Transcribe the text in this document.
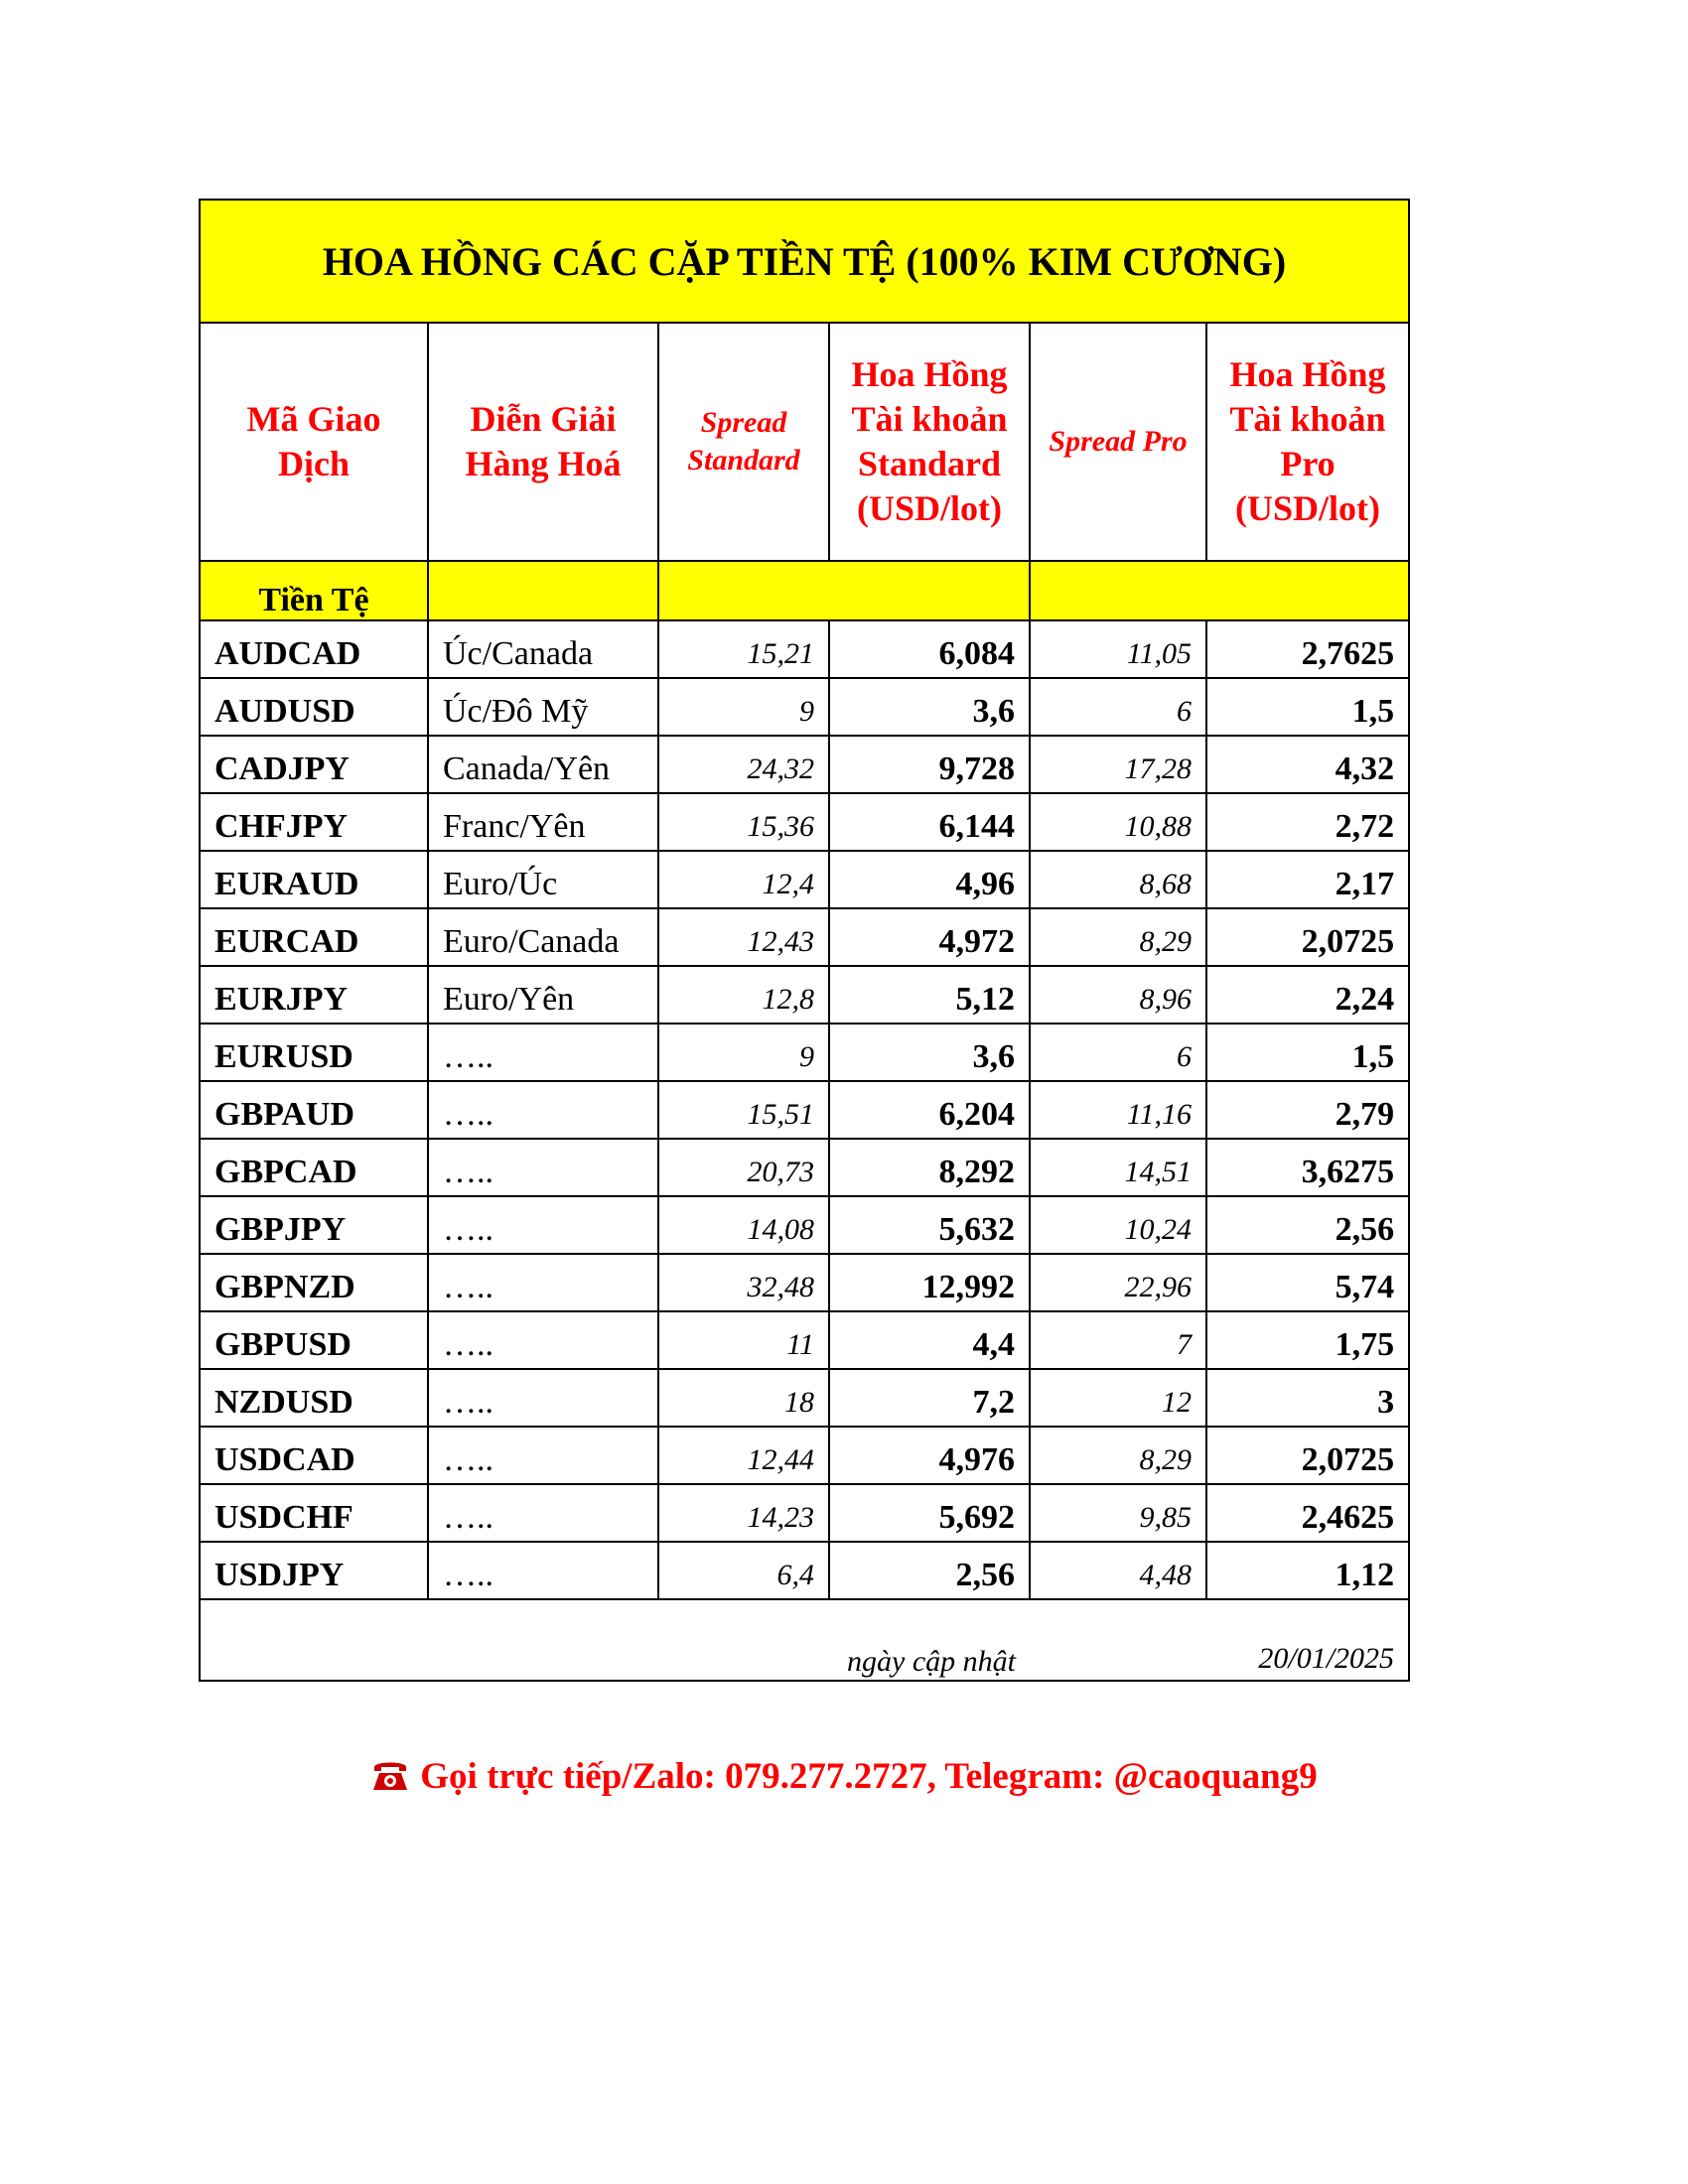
HOA HỒNG CÁC CẶP TIỀN TỆ (100% KIM CƯƠNG)					
Mã Giao Dịch	Diễn Giải Hàng Hoá	Spread Standard	Hoa Hồng Tài khoản Standard (USD/lot)	Spread Pro	Hoa Hồng Tài khoản Pro (USD/lot)
Tiền Tệ					
AUDCAD	Úc/Canada	15,21	6,084	11,05	2,7625
AUDUSD	Úc/Đô Mỹ	9	3,6	6	1,5
CADJPY	Canada/Yên	24,32	9,728	17,28	4,32
CHFJPY	Franc/Yên	15,36	6,144	10,88	2,72
EURAUD	Euro/Úc	12,4	4,96	8,68	2,17
EURCAD	Euro/Canada	12,43	4,972	8,29	2,0725
EURJPY	Euro/Yên	12,8	5,12	8,96	2,24
EURUSD	…..	9	3,6	6	1,5
GBPAUD	…..	15,51	6,204	11,16	2,79
GBPCAD	…..	20,73	8,292	14,51	3,6275
GBPJPY	…..	14,08	5,632	10,24	2,56
GBPNZD	…..	32,48	12,992	22,96	5,74
GBPUSD	…..	11	4,4	7	1,75
NZDUSD	…..	18	7,2	12	3
USDCAD	…..	12,44	4,976	8,29	2,0725
USDCHF	…..	14,23	5,692	9,85	2,4625
USDJPY	…..	6,4	2,56	4,48	1,12
			ngày cập nhật		20/01/2025
Gọi trực tiếp/Zalo: 079.277.2727, Telegram: @caoquang9
